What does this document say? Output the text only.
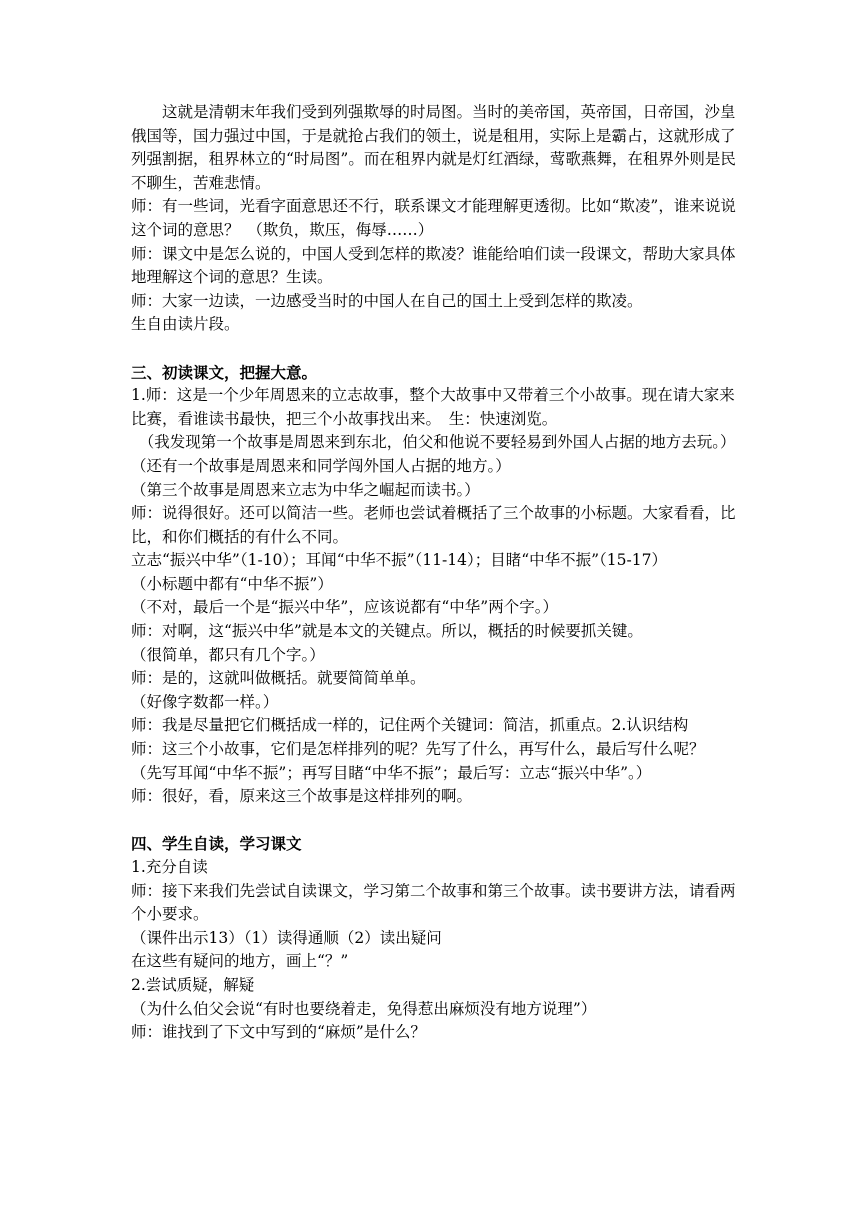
这就是清朝末年我们受到列强欺辱的时局图。当时的美帝国，英帝国，日帝国，沙皇俄国等，国力强过中国，于是就抢占我们的领土，说是租用，实际上是霸占，这就形成了列强割据，租界林立的“时局图”。而在租界内就是灯红酒绿，莺歌燕舞，在租界外则是民不聊生，苦难悲情。

师：有一些词，光看字面意思还不行，联系课文才能理解更透彻。比如“欺凌”，谁来说说这个词的意思？　（欺负，欺压，侮辱……）

师：课文中是怎么说的，中国人受到怎样的欺凌？谁能给咱们读一段课文，帮助大家具体地理解这个词的意思？生读。

师：大家一边读，一边感受当时的中国人在自己的国土上受到怎样的欺凌。

生自由读片段。

三、初读课文，把握大意。

1.师：这是一个少年周恩来的立志故事，整个大故事中又带着三个小故事。现在请大家来比赛，看谁读书最快，把三个小故事找出来。　生：快速浏览。

（我发现第一个故事是周恩来到东北，伯父和他说不要轻易到外国人占据的地方去玩。）

（还有一个故事是周恩来和同学闯外国人占据的地方。）

（第三个故事是周恩来立志为中华之崛起而读书。）

师：说得很好。还可以简洁一些。老师也尝试着概括了三个故事的小标题。大家看看，比比，和你们概括的有什么不同。

立志“振兴中华”（1-10）；耳闻“中华不振”（11-14）；目睹“中华不振”（15-17）

（小标题中都有“中华不振”）

（不对，最后一个是“振兴中华”，应该说都有“中华”两个字。）

师：对啊，这“振兴中华”就是本文的关键点。所以，概括的时候要抓关键。

（很简单，都只有几个字。）

师：是的，这就叫做概括。就要简简单单。

（好像字数都一样。）

师：我是尽量把它们概括成一样的，记住两个关键词：简洁，抓重点。2.认识结构

师：这三个小故事，它们是怎样排列的呢？先写了什么，再写什么，最后写什么呢？

（先写耳闻“中华不振”；再写目睹“中华不振”；最后写：立志“振兴中华”。）

师：很好，看，原来这三个故事是这样排列的啊。

四、学生自读，学习课文

1.充分自读

师：接下来我们先尝试自读课文，学习第二个故事和第三个故事。读书要讲方法，请看两个小要求。

（课件出示13）（1）读得通顺（2）读出疑问

在这些有疑问的地方，画上“？”

2.尝试质疑，解疑

（为什么伯父会说“有时也要绕着走，免得惹出麻烦没有地方说理”）

师：谁找到了下文中写到的“麻烦”是什么？
